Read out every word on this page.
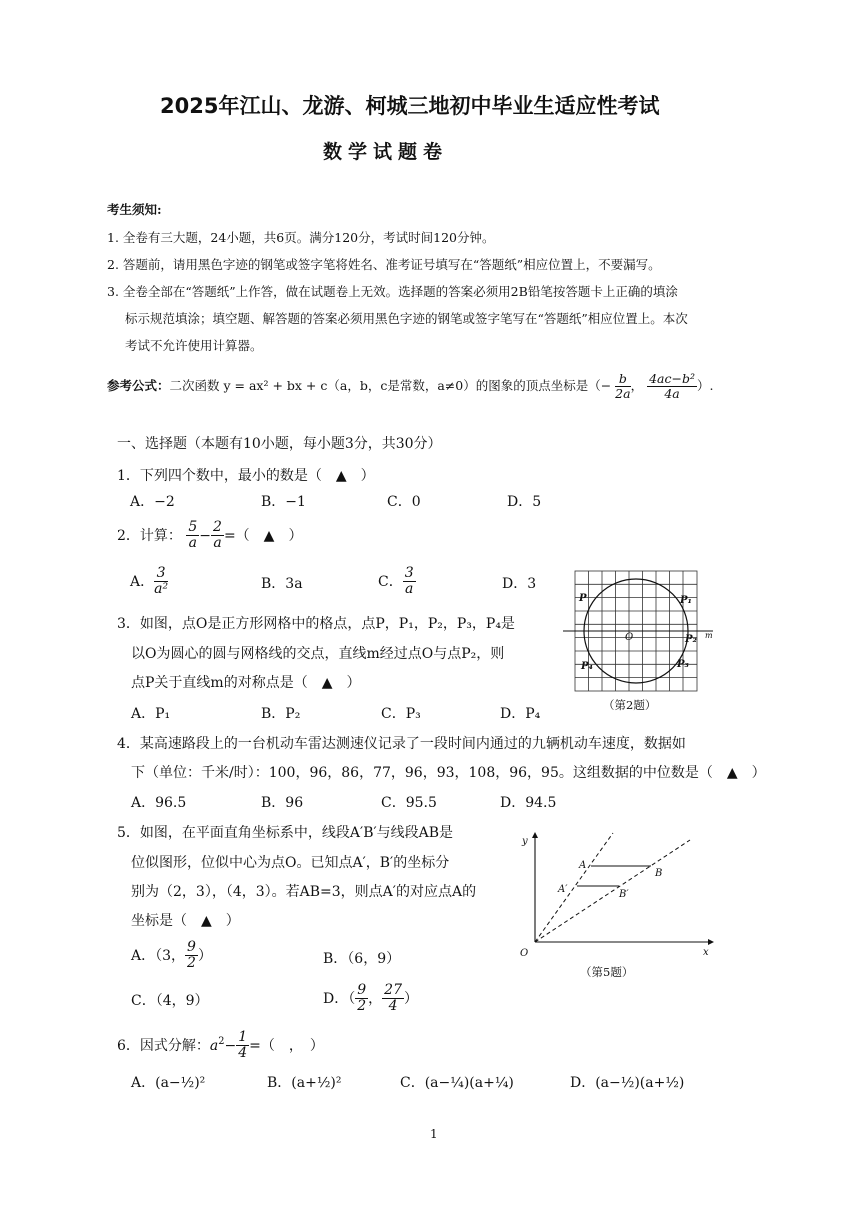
2025年江山、龙游、柯城三地初中毕业生适应性考试
数学试题卷
考生须知:
1. 全卷有三大题，24小题，共6页。满分120分，考试时间120分钟。
2. 答题前，请用黑色字迹的钢笔或签字笔将姓名、准考证号填写在“答题纸”相应位置上，不要漏写。
3. 全卷全部在“答题纸”上作答，做在试题卷上无效。选择题的答案必须用2B铅笔按答题卡上正确的填涂
标示规范填涂；填空题、解答题的答案必须用黑色字迹的钢笔或签字笔写在“答题纸”相应位置上。本次
考试不允许使用计算器。
参考公式：二次函数 y = ax² + bx + c（a，b，c是常数，a≠0）的图象的顶点坐标是（− $\frac{b}{2a}$ ， $\frac{\text{4ac−b²}}{4a}$ ）.
一、选择题（本题有10小题，每小题3分，共30分）
1．下列四个数中，最小的数是（　▲　）
A．−2	B．−1	C．0	D．5
2．计算： $\frac{5}{a} - \frac{2}{a}$ =（　▲　）
A． $\frac{3}{\text{a²}}$	B．3a	C． $\frac{3}{a}$	D．3
3．如图，点O是正方形网格中的格点，点P，P₁，P₂，P₃，P₄是
以O为圆心的圆与网格线的交点，直线m经过点O与点P₂，则
点P关于直线m的对称点是（　▲　）
A．P₁	B．P₂	C．P₃	D．P₄
P	P₁
P₂
P₃
P₄
O	m
（第2题）
4．某高速路段上的一台机动车雷达测速仪记录了一段时间内通过的九辆机动车速度，数据如
下（单位：千米/时）：100，96，86，77，96，93，108，96，95。这组数据的中位数是（　▲　）
A．96.5	B．96	C．95.5	D．94.5
5．如图，在平面直角坐标系中，线段A′B′与线段AB是
位似图形，位似中心为点O。已知点A′，B′的坐标分
别为（2，3），（4，3）。若AB=3，则点A′的对应点A的
坐标是（　▲　）
A．（3， $\frac{9}{2}$ ）	B．（6，9）
C．（4，9）	D．（ $\frac{9}{2}$ ， $\frac{27}{4}$ ）
y
x
O
A
B
A′	B′
（第5题）
6．因式分解：$a^2- \frac{1}{4}$ =（　，　）
A．(a−½)²	B．(a+½)²	C．(a−¼)(a+¼)	D．(a−½)(a+½)
1
